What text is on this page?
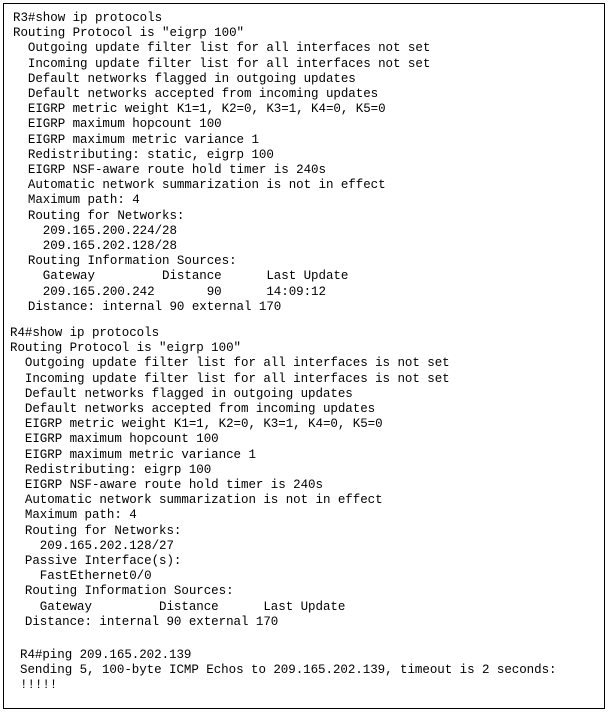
R3#show ip protocols
Routing Protocol is "eigrp 100"
Outgoing update filter list for all interfaces not set
Incoming update filter list for all interfaces not set
Default networks flagged in outgoing updates
Default networks accepted from incoming updates
EIGRP metric weight K1=1, K2=0, K3=1, K4=0, K5=0
EIGRP maximum hopcount 100
EIGRP maximum metric variance 1
Redistributing: static, eigrp 100
EIGRP NSF-aware route hold timer is 240s
Automatic network summarization is not in effect
Maximum path: 4
Routing for Networks:
209.165.200.224/28
209.165.202.128/28
Routing Information Sources:
Gateway         Distance      Last Update
209.165.200.242       90      14:09:12
Distance: internal 90 external 170
R4#show ip protocols
Routing Protocol is "eigrp 100"
Outgoing update filter list for all interfaces is not set
Incoming update filter list for all interfaces is not set
Default networks flagged in outgoing updates
Default networks accepted from incoming updates
EIGRP metric weight K1=1, K2=0, K3=1, K4=0, K5=0
EIGRP maximum hopcount 100
EIGRP maximum metric variance 1
Redistributing: eigrp 100
EIGRP NSF-aware route hold timer is 240s
Automatic network summarization is not in effect
Maximum path: 4
Routing for Networks:
209.165.202.128/27
Passive Interface(s):
FastEthernet0/0
Routing Information Sources:
Gateway         Distance      Last Update
Distance: internal 90 external 170
R4#ping 209.165.202.139
Sending 5, 100-byte ICMP Echos to 209.165.202.139, timeout is 2 seconds:
!!!!!
